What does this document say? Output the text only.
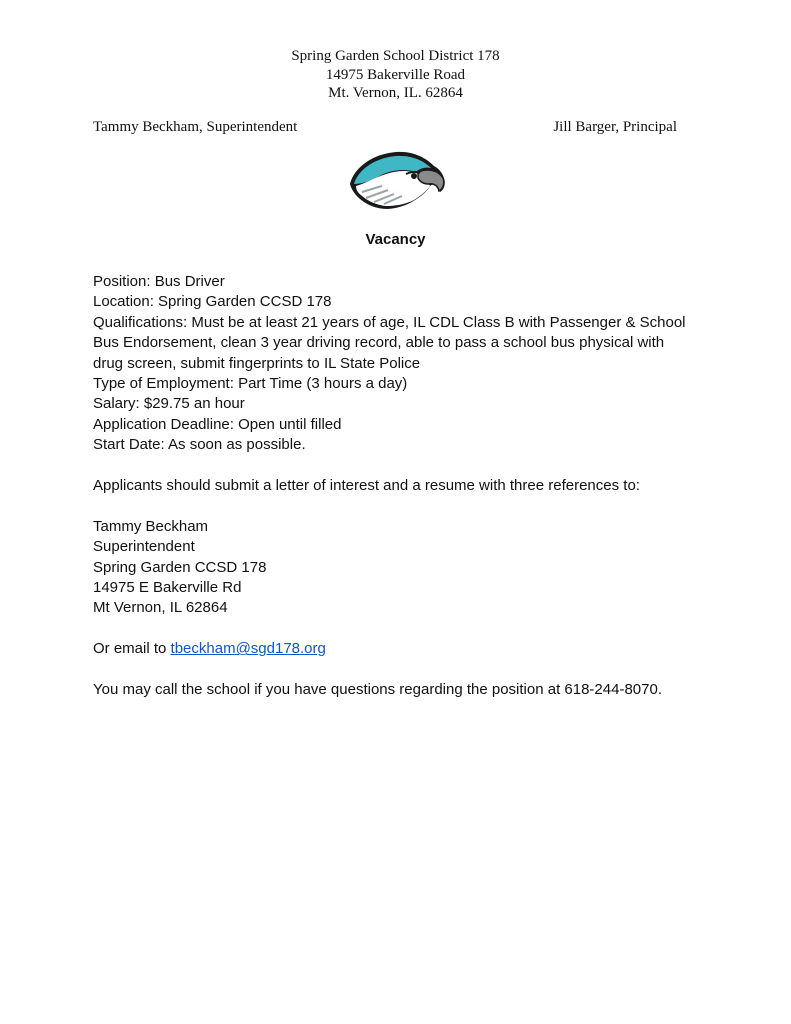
Spring Garden School District 178
14975 Bakerville Road
Mt. Vernon, IL. 62864
Tammy Beckham, Superintendent	Jill Barger, Principal
Vacancy

Position: Bus Driver

Location: Spring Garden CCSD 178

Qualifications: Must be at least 21 years of age, IL CDL Class B with Passenger & School Bus Endorsement, clean 3 year driving record, able to pass a school bus physical with drug screen, submit fingerprints to IL State Police

Type of Employment: Part Time (3 hours a day)

Salary: $29.75 an hour

Application Deadline: Open until filled

Start Date: As soon as possible.

Applicants should submit a letter of interest and a resume with three references to:

Tammy Beckham

Superintendent

Spring Garden CCSD 178

14975 E Bakerville Rd

Mt Vernon, IL 62864

Or email to tbeckham@sgd178.org

You may call the school if you have questions regarding the position at 618-244-8070.
